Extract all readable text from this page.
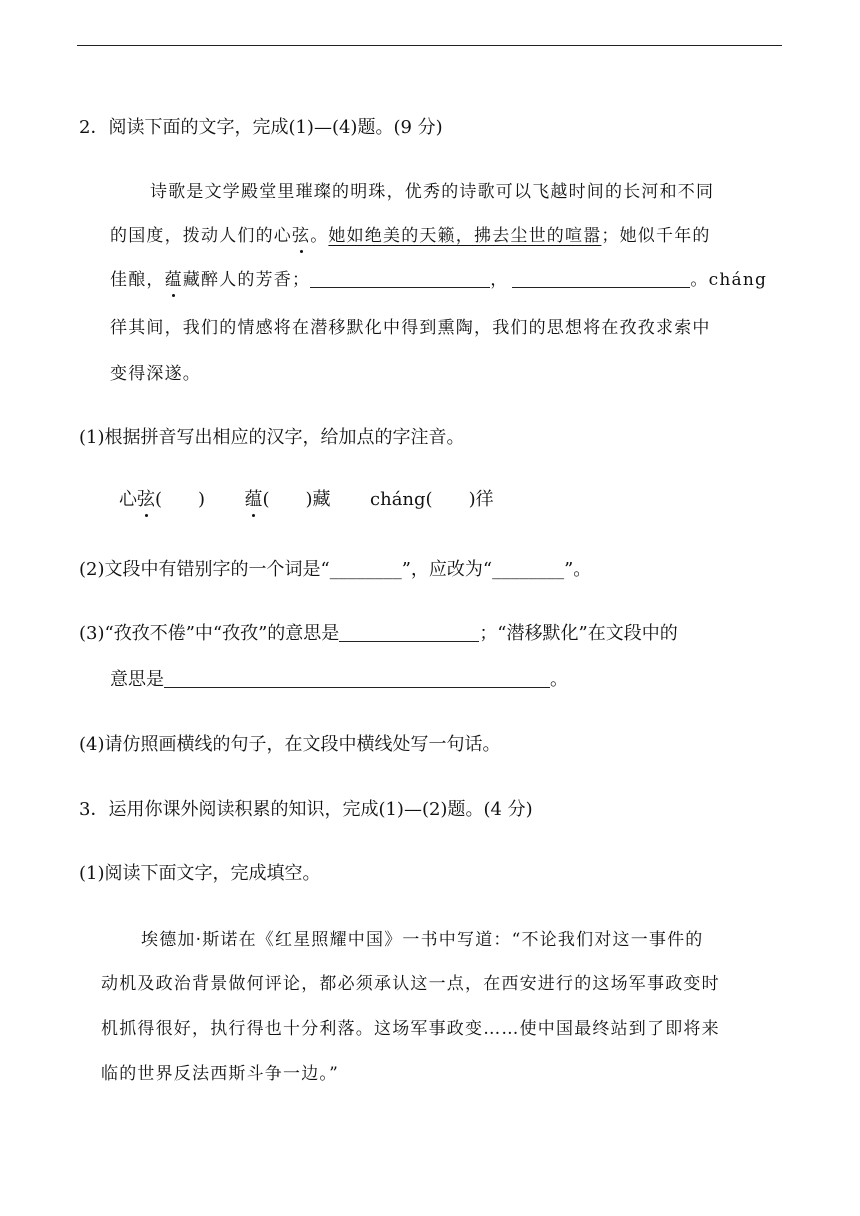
2．阅读下面的文字，完成(1)—(4)题。(9 分)
诗歌是文学殿堂里璀璨的明珠，优秀的诗歌可以飞越时间的长河和不同
的国度，拨动人们的心弦。她如绝美的天籁，拂去尘世的喧嚣；她似千年的
佳酿，蕴藏醉人的芳香；	，	。cháng
徉其间，我们的情感将在潜移默化中得到熏陶，我们的思想将在孜孜求索中
变得深遂。
(1)根据拼音写出相应的汉字，给加点的字注音。
心弦(　　) 蕴(　　)藏 cháng(　　)徉
(2)文段中有错别字的一个词是“________”，应改为“________”。
(3)“孜孜不倦”中“孜孜”的意思是	；“潜移默化”在文段中的
意思是	。
(4)请仿照画横线的句子，在文段中横线处写一句话。
3．运用你课外阅读积累的知识，完成(1)—(2)题。(4 分)
(1)阅读下面文字，完成填空。
埃德加·斯诺在《红星照耀中国》一书中写道：“不论我们对这一事件的
动机及政治背景做何评论，都必须承认这一点，在西安进行的这场军事政变时
机抓得很好，执行得也十分利落。这场军事政变……使中国最终站到了即将来
临的世界反法西斯斗争一边。”
